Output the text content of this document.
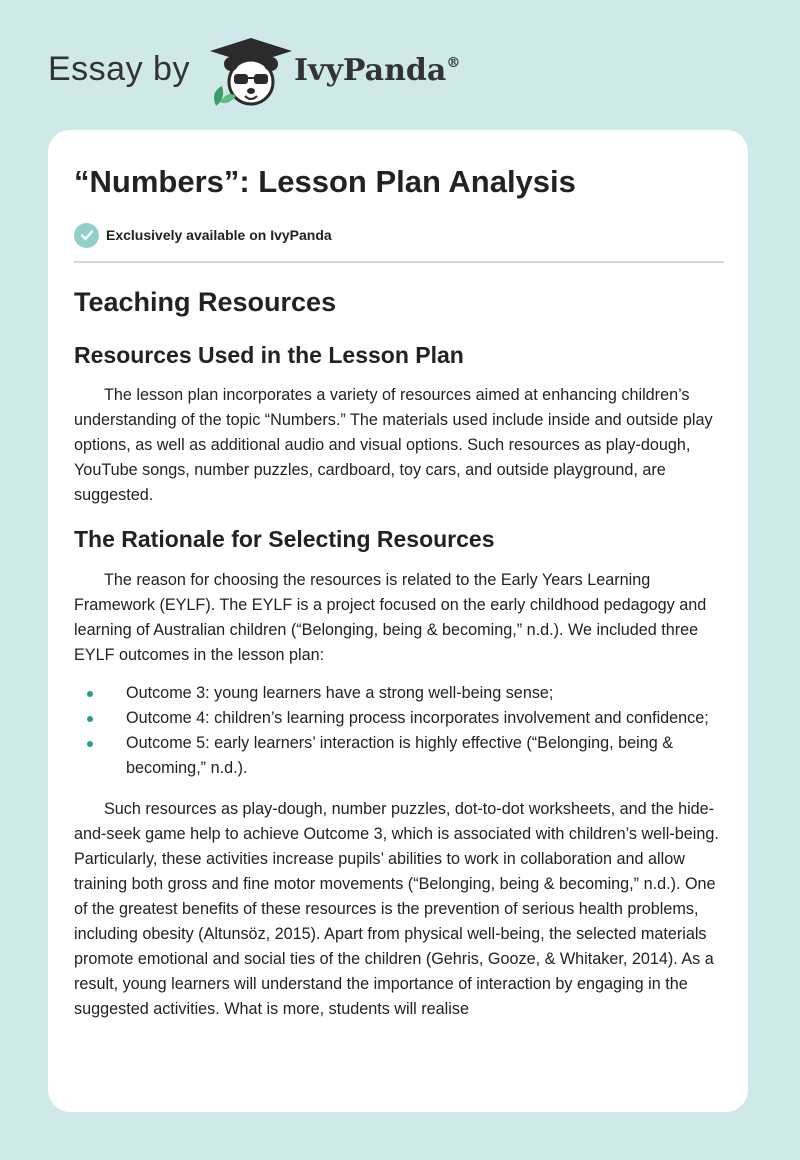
Essay by	IvyPanda®
“Numbers”: Lesson Plan Analysis
Exclusively available on IvyPanda
Teaching Resources
Resources Used in the Lesson Plan

The lesson plan incorporates a variety of resources aimed at enhancing children’s understanding of the topic “Numbers.” The materials used include inside and outside play options, as well as additional audio and visual options. Such resources as play-dough, YouTube songs, number puzzles, cardboard, toy cars, and outside playground, are suggested.

The Rationale for Selecting Resources

The reason for choosing the resources is related to the Early Years Learning Framework (EYLF). The EYLF is a project focused on the early childhood pedagogy and learning of Australian children (“Belonging, being & becoming,” n.d.). We included three EYLF outcomes in the lesson plan:

Outcome 3: young learners have a strong well-being sense;
Outcome 4: children’s learning process incorporates involvement and confidence;
Outcome 5: early learners’ interaction is highly effective (“Belonging, being & becoming,” n.d.).

Such resources as play-dough, number puzzles, dot-to-dot worksheets, and the hide-and-seek game help to achieve Outcome 3, which is associated with children’s well-being. Particularly, these activities increase pupils’ abilities to work in collaboration and allow training both gross and fine motor movements (“Belonging, being & becoming,” n.d.). One of the greatest benefits of these resources is the prevention of serious health problems, including obesity (Altunsöz, 2015). Apart from physical well-being, the selected materials promote emotional and social ties of the children (Gehris, Gooze, & Whitaker, 2014). As a result, young learners will understand the importance of interaction by engaging in the suggested activities. What is more, students will realise
